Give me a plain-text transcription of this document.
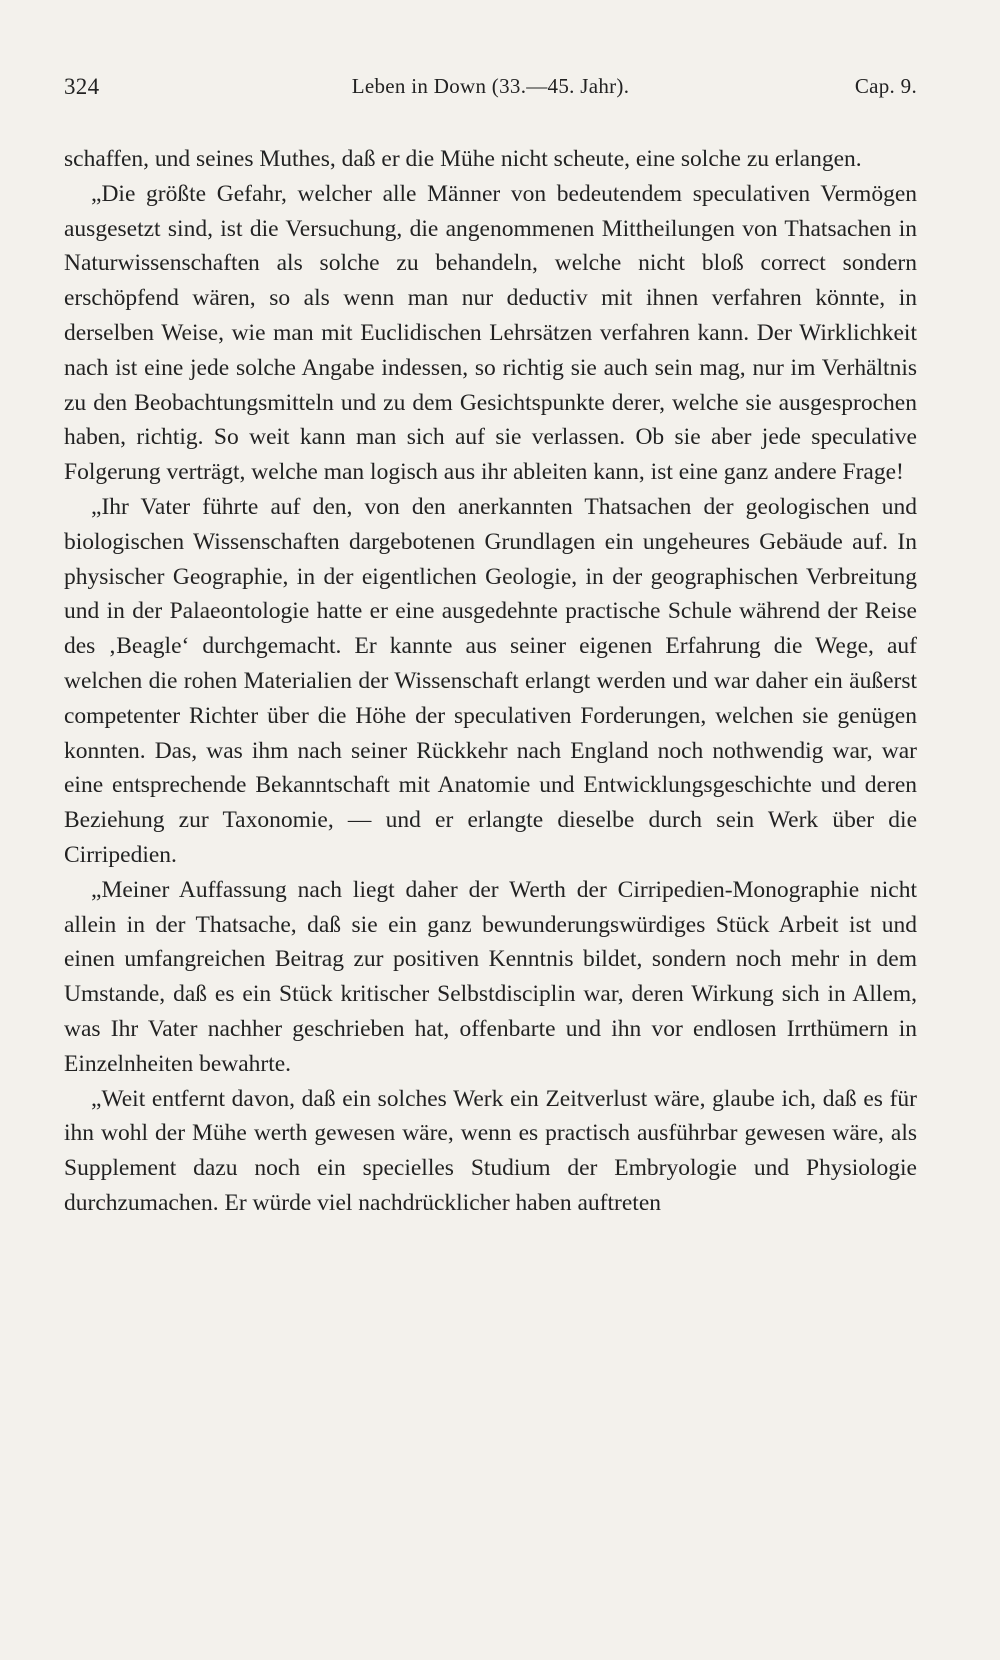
324	Leben in Down (33.—45. Jahr).	Cap. 9.

schaffen, und seines Muthes, daß er die Mühe nicht scheute, eine solche zu erlangen.

„Die größte Gefahr, welcher alle Männer von bedeutendem speculativen Vermögen ausgesetzt sind, ist die Versuchung, die angenommenen Mittheilungen von Thatsachen in Naturwissenschaften als solche zu behandeln, welche nicht bloß correct sondern erschöpfend wären, so als wenn man nur deductiv mit ihnen verfahren könnte, in derselben Weise, wie man mit Euclidischen Lehrsätzen verfahren kann. Der Wirklichkeit nach ist eine jede solche Angabe indessen, so richtig sie auch sein mag, nur im Verhältnis zu den Beobachtungsmitteln und zu dem Gesichtspunkte derer, welche sie ausgesprochen haben, richtig. So weit kann man sich auf sie verlassen. Ob sie aber jede speculative Folgerung verträgt, welche man logisch aus ihr ableiten kann, ist eine ganz andere Frage!

„Ihr Vater führte auf den, von den anerkannten Thatsachen der geologischen und biologischen Wissenschaften dargebotenen Grundlagen ein ungeheures Gebäude auf. In physischer Geographie, in der eigentlichen Geologie, in der geographischen Verbreitung und in der Palaeontologie hatte er eine ausgedehnte practische Schule während der Reise des ‚Beagle‘ durchgemacht. Er kannte aus seiner eigenen Erfahrung die Wege, auf welchen die rohen Materialien der Wissenschaft erlangt werden und war daher ein äußerst competenter Richter über die Höhe der speculativen Forderungen, welchen sie genügen konnten. Das, was ihm nach seiner Rückkehr nach England noch nothwendig war, war eine entsprechende Bekanntschaft mit Anatomie und Entwicklungsgeschichte und deren Beziehung zur Taxonomie, — und er erlangte dieselbe durch sein Werk über die Cirripedien.

„Meiner Auffassung nach liegt daher der Werth der Cirripedien-Monographie nicht allein in der Thatsache, daß sie ein ganz bewunderungswürdiges Stück Arbeit ist und einen umfangreichen Beitrag zur positiven Kenntnis bildet, sondern noch mehr in dem Umstande, daß es ein Stück kritischer Selbstdisciplin war, deren Wirkung sich in Allem, was Ihr Vater nachher geschrieben hat, offenbarte und ihn vor endlosen Irrthümern in Einzelnheiten bewahrte.

„Weit entfernt davon, daß ein solches Werk ein Zeitverlust wäre, glaube ich, daß es für ihn wohl der Mühe werth gewesen wäre, wenn es practisch ausführbar gewesen wäre, als Supplement dazu noch ein specielles Studium der Embryologie und Physiologie durchzumachen. Er würde viel nachdrücklicher haben auftreten
